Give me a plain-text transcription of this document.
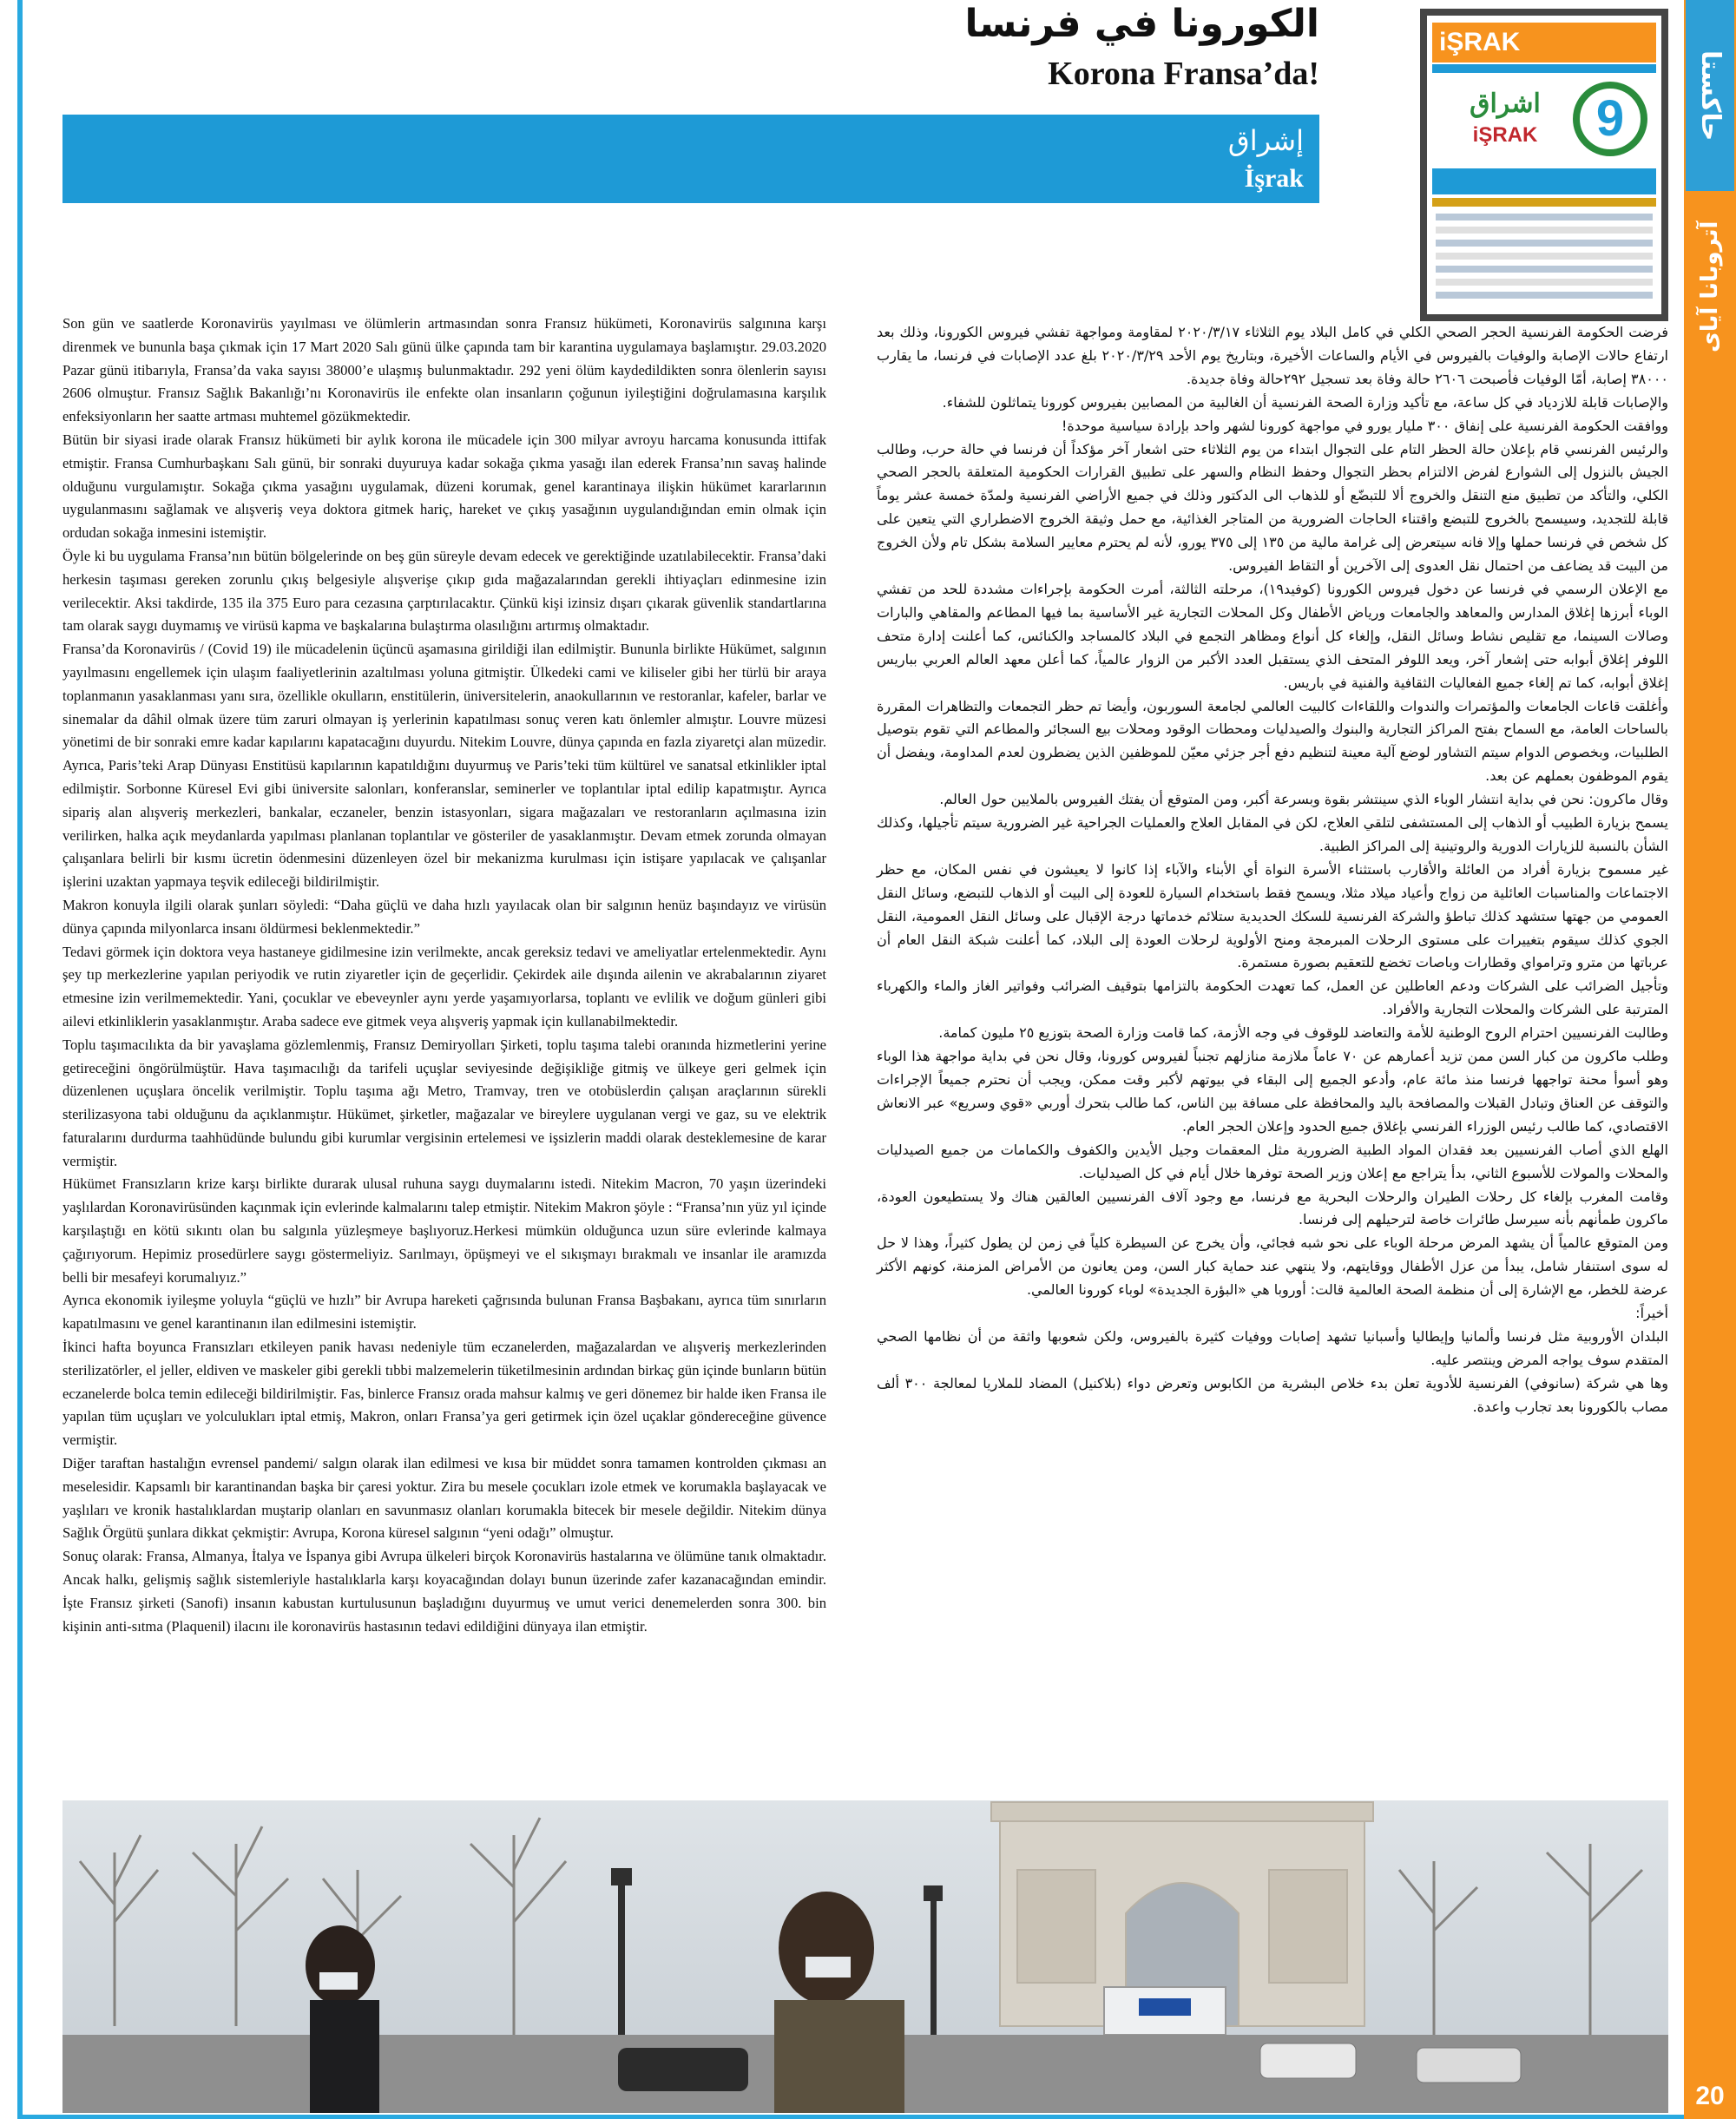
حاكستا
آتروبانا آیای
20
الكورونا في فرنسا
Korona Fransa’da!
إشراق
İşrak
iŞRAK
اشراق
iŞRAK	9

Son gün ve saatlerde Koronavirüs yayılması ve ölümlerin artmasından sonra Fransız hükümeti, Koronavirüs salgınına karşı direnmek ve bununla başa çıkmak için 17 Mart 2020 Salı günü ülke çapında tam bir karantina uygulamaya başlamıştır. 29.03.2020 Pazar günü itibarıyla, Fransa’da vaka sayısı 38000’e ulaşmış bulunmaktadır. 292 yeni ölüm kaydedildikten sonra ölenlerin sayısı 2606 olmuştur. Fransız Sağlık Bakanlığı’nı Koronavirüs ile enfekte olan insanların çoğunun iyileştiğini doğrulamasına karşılık enfeksiyonların her saatte artması muhtemel gözükmektedir.

Bütün bir siyasi irade olarak Fransız hükümeti bir aylık korona ile mücadele için 300 milyar avroyu harcama konusunda ittifak etmiştir. Fransa Cumhurbaşkanı Salı günü, bir sonraki duyuruya kadar sokağa çıkma yasağı ilan ederek Fransa’nın savaş halinde olduğunu vurgulamıştır. Sokağa çıkma yasağını uygulamak, düzeni korumak, genel karantinaya ilişkin hükümet kararlarının uygulanmasını sağlamak ve alışveriş veya doktora gitmek hariç, hareket ve çıkış yasağının uygulandığından emin olmak için ordudan sokağa inmesini istemiştir.

Öyle ki bu uygulama Fransa’nın bütün bölgelerinde on beş gün süreyle devam edecek ve gerektiğinde uzatılabilecektir. Fransa’daki herkesin taşıması gereken zorunlu çıkış belgesiyle alışverişe çıkıp gıda mağazalarından gerekli ihtiyaçları edinmesine izin verilecektir. Aksi takdirde, 135 ila 375 Euro para cezasına çarptırılacaktır. Çünkü kişi izinsiz dışarı çıkarak güvenlik standartlarına tam olarak saygı duymamış ve virüsü kapma ve başkalarına bulaştırma olasılığını artırmış olmaktadır.

Fransa’da Koronavirüs / (Covid 19) ile mücadelenin üçüncü aşamasına girildiği ilan edilmiştir. Bununla birlikte Hükümet, salgının yayılmasını engellemek için ulaşım faaliyetlerinin azaltılması yoluna gitmiştir. Ülkedeki cami ve kiliseler gibi her türlü bir araya toplanmanın yasaklanması yanı sıra, özellikle okulların, enstitülerin, üniversitelerin, anaokullarının ve restoranlar, kafeler, barlar ve sinemalar da dâhil olmak üzere tüm zaruri olmayan iş yerlerinin kapatılması sonuç veren katı önlemler almıştır. Louvre müzesi yönetimi de bir sonraki emre kadar kapılarını kapatacağını duyurdu. Nitekim Louvre, dünya çapında en fazla ziyaretçi alan müzedir. Ayrıca, Paris’teki Arap Dünyası Enstitüsü kapılarının kapatıldığını duyurmuş ve Paris’teki tüm kültürel ve sanatsal etkinlikler iptal edilmiştir. Sorbonne Küresel Evi gibi üniversite salonları, konferanslar, seminerler ve toplantılar iptal edilip kapatmıştır. Ayrıca sipariş alan alışveriş merkezleri, bankalar, eczaneler, benzin istasyonları, sigara mağazaları ve restoranların açılmasına izin verilirken, halka açık meydanlarda yapılması planlanan toplantılar ve gösteriler de yasaklanmıştır. Devam etmek zorunda olmayan çalışanlara belirli bir kısmı ücretin ödenmesini düzenleyen özel bir mekanizma kurulması için istişare yapılacak ve çalışanlar işlerini uzaktan yapmaya teşvik edileceği bildirilmiştir.

Makron konuyla ilgili olarak şunları söyledi: “Daha güçlü ve daha hızlı yayılacak olan bir salgının henüz başındayız ve virüsün dünya çapında milyonlarca insanı öldürmesi beklenmektedir.”

Tedavi görmek için doktora veya hastaneye gidilmesine izin verilmekte, ancak gereksiz tedavi ve ameliyatlar ertelenmektedir. Aynı şey tıp merkezlerine yapılan periyodik ve rutin ziyaretler için de geçerlidir. Çekirdek aile dışında ailenin ve akrabalarının ziyaret etmesine izin verilmemektedir. Yani, çocuklar ve ebeveynler aynı yerde yaşamıyorlarsa, toplantı ve evlilik ve doğum günleri gibi ailevi etkinliklerin yasaklanmıştır. Araba sadece eve gitmek veya alışveriş yapmak için kullanabilmektedir.

Toplu taşımacılıkta da bir yavaşlama gözlemlenmiş, Fransız Demiryolları Şirketi, toplu taşıma talebi oranında hizmetlerini yerine getireceğini öngörülmüştür. Hava taşımacılığı da tarifeli uçuşlar seviyesinde değişikliğe gitmiş ve ülkeye geri gelmek için düzenlenen uçuşlara öncelik verilmiştir. Toplu taşıma ağı Metro, Tramvay, tren ve otobüslerdin çalışan araçlarının sürekli sterilizasyona tabi olduğunu da açıklanmıştır. Hükümet, şirketler, mağazalar ve bireylere uygulanan vergi ve gaz, su ve elektrik faturalarını durdurma taahhüdünde bulundu gibi kurumlar vergisinin ertelemesi ve işsizlerin maddi olarak desteklemesine de karar vermiştir.

Hükümet Fransızların krize karşı birlikte durarak ulusal ruhuna saygı duymalarını istedi. Nitekim Macron, 70 yaşın üzerindeki yaşlılardan Koronavirüsünden kaçınmak için evlerinde kalmalarını talep etmiştir. Nitekim Makron şöyle : “Fransa’nın yüz yıl içinde karşılaştığı en kötü sıkıntı olan bu salgınla yüzleşmeye başlıyoruz.Herkesi mümkün olduğunca uzun süre evlerinde kalmaya çağırıyorum. Hepimiz prosedürlere saygı göstermeliyiz. Sarılmayı, öpüşmeyi ve el sıkışmayı bırakmalı ve insanlar ile aramızda belli bir mesafeyi korumalıyız.”

Ayrıca ekonomik iyileşme yoluyla “güçlü ve hızlı” bir Avrupa hareketi çağrısında bulunan Fransa Başbakanı, ayrıca tüm sınırların kapatılmasını ve genel karantinanın ilan edilmesini istemiştir.

İkinci hafta boyunca Fransızları etkileyen panik havası nedeniyle tüm eczanelerden, mağazalardan ve alışveriş merkezlerinden sterilizatörler, el jeller, eldiven ve maskeler gibi gerekli tıbbi malzemelerin tüketilmesinin ardından birkaç gün içinde bunların bütün eczanelerde bolca temin edileceği bildirilmiştir. Fas, binlerce Fransız orada mahsur kalmış ve geri dönemez bir halde iken Fransa ile yapılan tüm uçuşları ve yolculukları iptal etmiş, Makron, onları Fransa’ya geri getirmek için özel uçaklar göndereceğine güvence vermiştir.

Diğer taraftan hastalığın evrensel pandemi/ salgın olarak ilan edilmesi ve kısa bir müddet sonra tamamen kontrolden çıkması an meselesidir. Kapsamlı bir karantinandan başka bir çaresi yoktur. Zira bu mesele çocukları izole etmek ve korumakla başlayacak ve yaşlıları ve kronik hastalıklardan muştarip olanları en savunmasız olanları korumakla bitecek bir mesele değildir. Nitekim dünya Sağlık Örgütü şunlara dikkat çekmiştir: Avrupa, Korona küresel salgının “yeni odağı” olmuştur.

Sonuç olarak: Fransa, Almanya, İtalya ve İspanya gibi Avrupa ülkeleri birçok Koronavirüs hastalarına ve ölümüne tanık olmaktadır. Ancak halkı, gelişmiş sağlık sistemleriyle hastalıklarla karşı koyacağından dolayı bunun üzerinde zafer kazanacağından emindir. İşte Fransız şirketi (Sanofi) insanın kabustan kurtulusunun başladığını duyurmuş ve umut verici denemelerden sonra 300. bin kişinin anti-sıtma (Plaquenil) ilacını ile koronavirüs hastasının tedavi edildiğini dünyaya ilan etmiştir.

فرضت الحكومة الفرنسية الحجر الصحي الكلي في كامل البلاد يوم الثلاثاء ٢٠٢٠/٣/١٧ لمقاومة ومواجهة تفشي فيروس الكورونا، وذلك بعد ارتفاع حالات الإصابة والوفيات بالفيروس في الأيام والساعات الأخيرة، وبتاريخ يوم الأحد ٢٠٢٠/٣/٢٩ بلغ عدد الإصابات في فرنسا، ما يقارب ٣٨٠٠٠ إصابة، أمّا الوفيات فأصبحت ٢٦٠٦ حالة وفاة بعد تسجيل ٢٩٢حالة وفاة جديدة.

والإصابات قابلة للازدياد في كل ساعة، مع تأكيد وزارة الصحة الفرنسية أن الغالبية من المصابين بفيروس كورونا يتماثلون للشفاء.

ووافقت الحكومة الفرنسية على إنفاق ٣٠٠ مليار يورو في مواجهة كورونا لشهر واحد بإرادة سياسية موحدة!

والرئيس الفرنسي قام بإعلان حالة الحظر التام على التجوال ابتداء من يوم الثلاثاء حتى اشعار آخر مؤكداً أن فرنسا في حالة حرب، وطالب الجيش بالنزول إلى الشوارع لفرض الالتزام بحظر التجوال وحفظ النظام والسهر على تطبيق القرارات الحكومية المتعلقة بالحجر الصحي الكلي، والتأكد من تطبيق منع التنقل والخروج ألا للتبضّع أو للذهاب الى الدكتور وذلك في جميع الأراضي الفرنسية ولمدّة خمسة عشر يوماً قابلة للتجديد، وسيسمح بالخروج للتبضع واقتناء الحاجات الضرورية من المتاجر الغذائية، مع حمل وثيقة الخروج الاضطراري التي يتعين على كل شخص في فرنسا حملها وإلا فانه سيتعرض إلى غرامة مالية من ١٣٥ إلى ٣٧٥ يورو، لأنه لم يحترم معايير السلامة بشكل تام ولأن الخروج من البيت قد يضاعف من احتمال نقل العدوى إلى الآخرين أو التقاط الفيروس.

مع الإعلان الرسمي في فرنسا عن دخول فيروس الكورونا (كوفيد١٩)، مرحلته الثالثة، أمرت الحكومة بإجراءات مشددة للحد من تفشي الوباء أبرزها إغلاق المدارس والمعاهد والجامعات ورياض الأطفال وكل المحلات التجارية غير الأساسية بما فيها المطاعم والمقاهي والبارات وصالات السينما، مع تقليص نشاط وسائل النقل، وإلغاء كل أنواع ومظاهر التجمع في البلاد كالمساجد والكنائس، كما أعلنت إدارة متحف اللوفر إغلاق أبوابه حتى إشعار آخر، ويعد اللوفر المتحف الذي يستقبل العدد الأكبر من الزوار عالمياً، كما أعلن معهد العالم العربي بباريس إغلاق أبوابه، كما تم إلغاء جميع الفعاليات الثقافية والفنية في باريس.

وأغلقت قاعات الجامعات والمؤتمرات والندوات واللقاءات كالبيت العالمي لجامعة السوربون، وأيضا تم حظر التجمعات والتظاهرات المقررة بالساحات العامة، مع السماح بفتح المراكز التجارية والبنوك والصيدليات ومحطات الوقود ومحلات بيع السجائر والمطاعم التي تقوم بتوصيل الطلبيات، وبخصوص الدوام سيتم التشاور لوضع آلية معينة لتنظيم دفع أجر جزئي معيّن للموظفين الذين يضطرون لعدم المداومة، ويفضل أن يقوم الموظفون بعملهم عن بعد.

وقال ماكرون: نحن في بداية انتشار الوباء الذي سينتشر بقوة وبسرعة أكبر، ومن المتوقع أن يفتك الفيروس بالملايين حول العالم.

يسمح بزيارة الطبيب أو الذهاب إلى المستشفى لتلقي العلاج، لكن في المقابل العلاج والعمليات الجراحية غير الضرورية سيتم تأجيلها، وكذلك الشأن بالنسبة للزيارات الدورية والروتينية إلى المراكز الطبية.

غير مسموح بزيارة أفراد من العائلة والأقارب باستثناء الأسرة النواة أي الأبناء والآباء إذا كانوا لا يعيشون في نفس المكان، مع حظر الاجتماعات والمناسبات العائلية من زواج وأعياد ميلاد مثلا، ويسمح فقط باستخدام السيارة للعودة إلى البيت أو الذهاب للتبضع، وسائل النقل العمومي من جهتها ستشهد كذلك تباطؤ والشركة الفرنسية للسكك الحديدية ستلائم خدماتها درجة الإقبال على وسائل النقل العمومية، النقل الجوي كذلك سيقوم بتغييرات على مستوى الرحلات المبرمجة ومنح الأولوية لرحلات العودة إلى البلاد، كما أعلنت شبكة النقل العام أن عرباتها من مترو وترامواي وقطارات وباصات تخضع للتعقيم بصورة مستمرة.

وتأجيل الضرائب على الشركات ودعم العاطلين عن العمل، كما تعهدت الحكومة بالتزامها بتوقيف الضرائب وفواتير الغاز والماء والكهرباء المترتبة على الشركات والمحلات التجارية والأفراد.

وطالبت الفرنسيين احترام الروح الوطنية للأمة والتعاضد للوقوف في وجه الأزمة، كما قامت وزارة الصحة بتوزيع ٢٥ مليون كمامة.

وطلب ماكرون من كبار السن ممن تزيد أعمارهم عن ٧٠ عاماً ملازمة منازلهم تجنباً لفيروس كورونا، وقال نحن في بداية مواجهة هذا الوباء وهو أسوأ محنة تواجهها فرنسا منذ مائة عام، وأدعو الجميع إلى البقاء في بيوتهم لأكبر وقت ممكن، ويجب أن نحترم جميعاً الإجراءات والتوقف عن العناق وتبادل القبلات والمصافحة باليد والمحافظة على مسافة بين الناس، كما طالب بتحرك أوربي «قوي وسريع» عبر الانعاش الاقتصادي، كما طالب رئيس الوزراء الفرنسي بإغلاق جميع الحدود وإعلان الحجر العام.

الهلع الذي أصاب الفرنسيين بعد فقدان المواد الطبية الضرورية مثل المعقمات وجيل الأيدين والكفوف والكمامات من جميع الصيدليات والمحلات والمولات للأسبوع الثاني، بدأ يتراجع مع إعلان وزير الصحة توفرها خلال أيام في كل الصيدليات.

وقامت المغرب بإلغاء كل رحلات الطيران والرحلات البحرية مع فرنسا، مع وجود آلاف الفرنسيين العالقين هناك ولا يستطيعون العودة، ماكرون طمأنهم بأنه سيرسل طائرات خاصة لترحيلهم إلى فرنسا.

ومن المتوقع عالمياً أن يشهد المرض مرحلة الوباء على نحو شبه فجائي، وأن يخرج عن السيطرة كلياً في زمن لن يطول كثيراً، وهذا لا حل له سوى استنفار شامل، يبدأ من عزل الأطفال ووقايتهم، ولا ينتهي عند حماية كبار السن، ومن يعانون من الأمراض المزمنة، كونهم الأكثر عرضة للخطر، مع الإشارة إلى أن منظمة الصحة العالمية قالت: أوروبا هي «البؤرة الجديدة» لوباء كورونا العالمي.

أخيراً:

البلدان الأوروبية مثل فرنسا وألمانيا وإيطاليا وأسبانيا تشهد إصابات ووفيات كثيرة بالفيروس، ولكن شعوبها واثقة من أن نظامها الصحي المتقدم سوف يواجه المرض وينتصر عليه.

وها هي شركة (سانوفي) الفرنسية للأدوية تعلن بدء خلاص البشرية من الكابوس وتعرض دواء (بلاكنيل) المضاد للملاريا لمعالجة ٣٠٠ ألف مصاب بالكورونا بعد تجارب واعدة.
